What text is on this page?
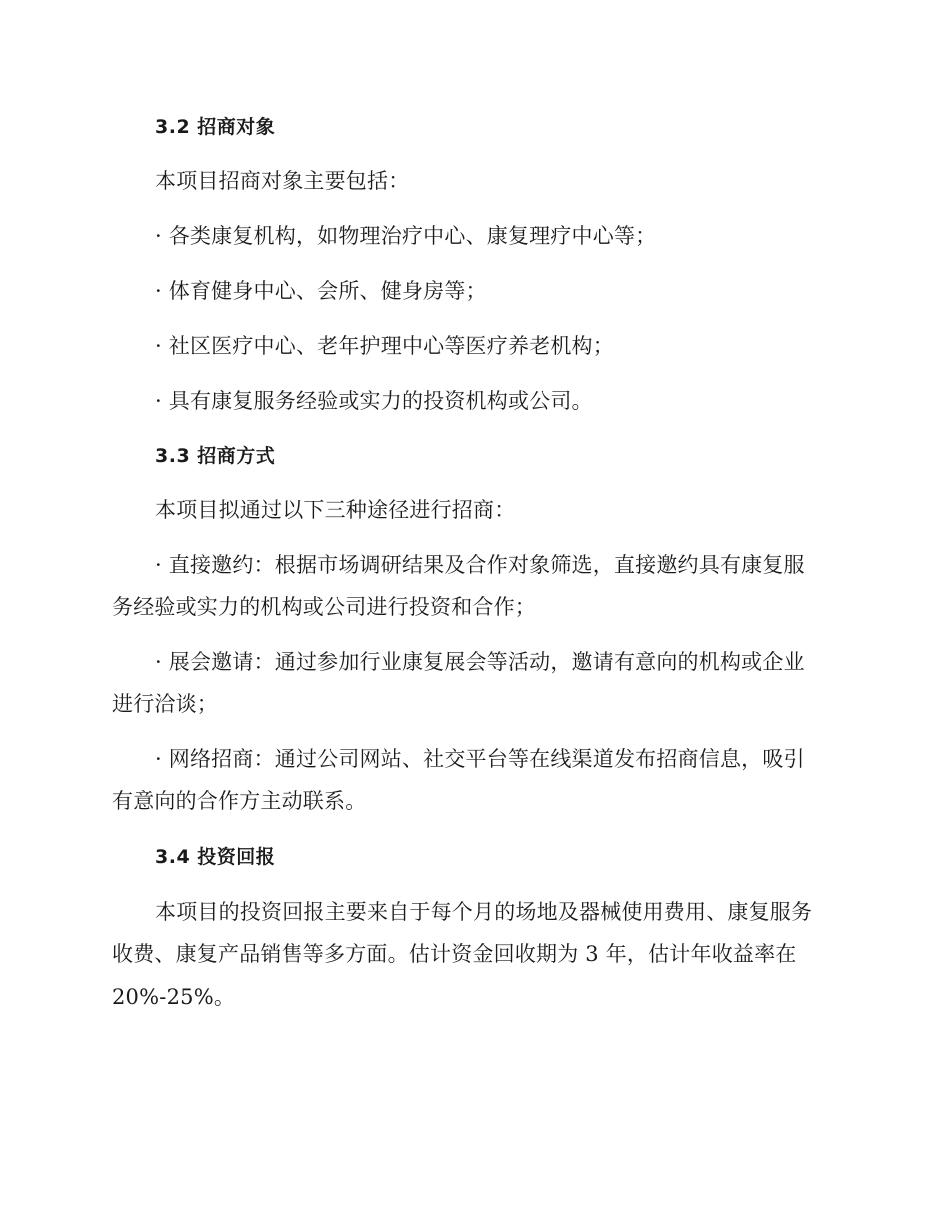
3.2 招商对象
本项目招商对象主要包括：
· 各类康复机构，如物理治疗中心、康复理疗中心等；
· 体育健身中心、会所、健身房等；
· 社区医疗中心、老年护理中心等医疗养老机构；
· 具有康复服务经验或实力的投资机构或公司。
3.3 招商方式
本项目拟通过以下三种途径进行招商：
· 直接邀约：根据市场调研结果及合作对象筛选，直接邀约具有康复服
务经验或实力的机构或公司进行投资和合作；
· 展会邀请：通过参加行业康复展会等活动，邀请有意向的机构或企业
进行洽谈；
· 网络招商：通过公司网站、社交平台等在线渠道发布招商信息，吸引
有意向的合作方主动联系。
3.4 投资回报
本项目的投资回报主要来自于每个月的场地及器械使用费用、康复服务
收费、康复产品销售等多方面。估计资金回收期为 3 年，估计年收益率在
20%-25%。
